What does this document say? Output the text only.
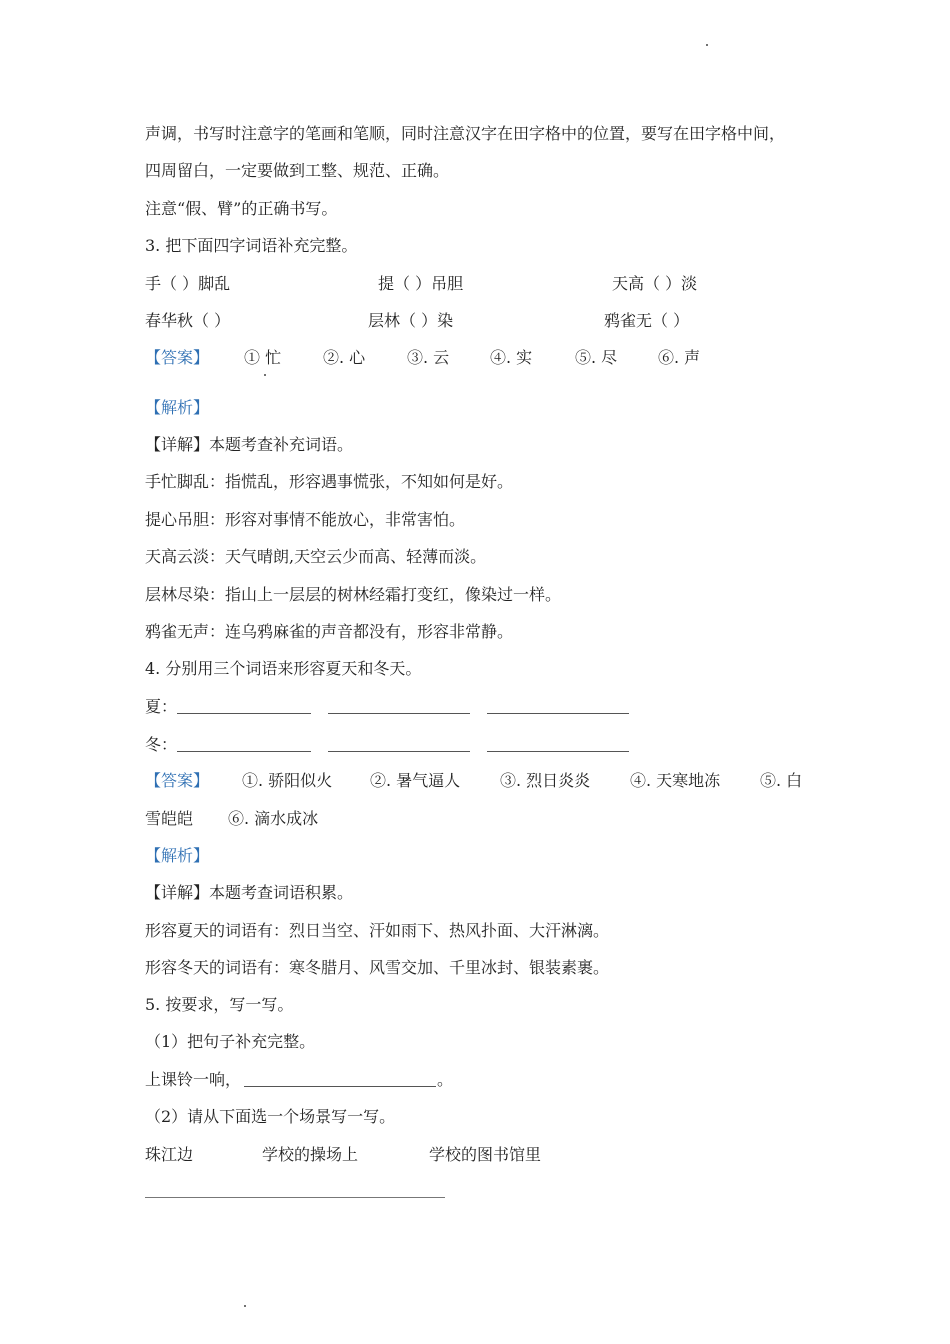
声调，书写时注意字的笔画和笔顺，同时注意汉字在田字格中的位置，要写在田字格中间，
四周留白，一定要做到工整、规范、正确。
注意“假、臂”的正确书写。
3. 把下面四字词语补充完整。
手（ ）脚乱	提（ ）吊胆	天高（ ）淡
春华秋（ ）	层林（ ）染	鸦雀无（ ）
【答案】 ① 忙	②. 心	③. 云	④. 实	⑤. 尽	⑥. 声
【解析】
【详解】本题考查补充词语。
手忙脚乱：指慌乱，形容遇事慌张，不知如何是好。
提心吊胆：形容对事情不能放心，非常害怕。
天高云淡：天气晴朗,天空云少而高、轻薄而淡。
层林尽染：指山上一层层的树林经霜打变红，像染过一样。
鸦雀无声：连乌鸦麻雀的声音都没有，形容非常静。
4. 分别用三个词语来形容夏天和冬天。
夏：
冬：
【答案】 ①. 骄阳似火 ②. 暑气逼人 ③. 烈日炎炎 ④. 天寒地冻 ⑤. 白
雪皑皑 ⑥. 滴水成冰
【解析】
【详解】本题考查词语积累。
形容夏天的词语有：烈日当空、汗如雨下、热风扑面、大汗淋漓。
形容冬天的词语有：寒冬腊月、风雪交加、千里冰封、银装素裹。
5. 按要求，写一写。
（1）把句子补充完整。
上课铃一响，	。
（2）请从下面选一个场景写一写。
珠江边	学校的操场上	学校的图书馆里
